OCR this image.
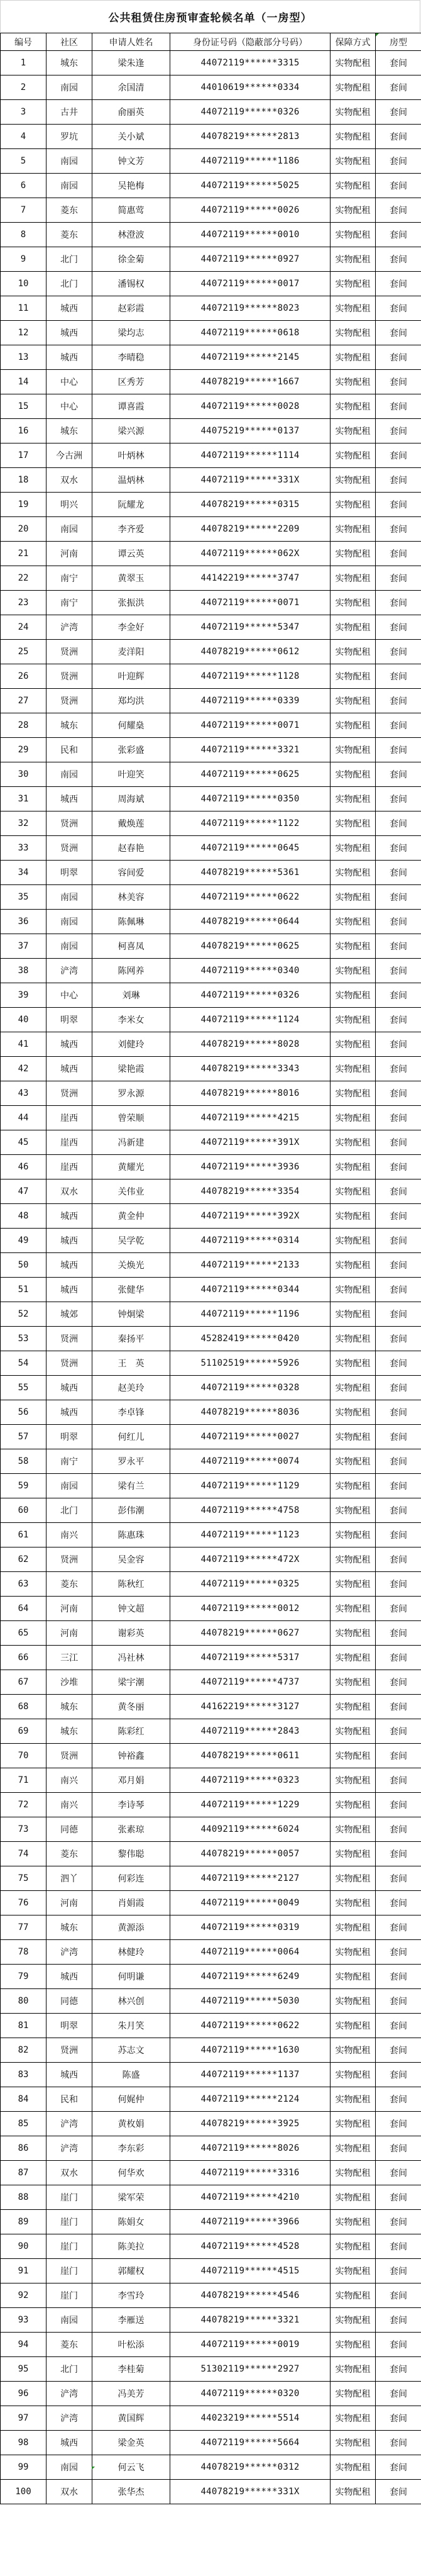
公共租赁住房预审查轮候名单（一房型）
编号	社区	申请人姓名	身份证号码（隐蔽部分号码）	保障方式	房型
1	城东	梁朱逢	44072119******3315	实物配租	套间
2	南园	余国清	44010619******0334	实物配租	套间
3	古井	俞丽英	44072119******0326	实物配租	套间
4	罗坑	关小斌	44078219******2813	实物配租	套间
5	南园	钟文芳	44072119******1186	实物配租	套间
6	南园	吴艳梅	44072119******5025	实物配租	套间
7	菱东	简惠莺	44072119******0026	实物配租	套间
8	菱东	林澄波	44072119******0010	实物配租	套间
9	北门	徐金菊	44072119******0927	实物配租	套间
10	北门	潘锡权	44072119******0017	实物配租	套间
11	城西	赵彩霞	44072119******8023	实物配租	套间
12	城西	梁均志	44072119******0618	实物配租	套间
13	城西	李晴稳	44072119******2145	实物配租	套间
14	中心	区秀芳	44078219******1667	实物配租	套间
15	中心	谭喜霞	44072119******0028	实物配租	套间
16	城东	梁兴源	44075219******0137	实物配租	套间
17	今古洲	叶炳林	44072119******1114	实物配租	套间
18	双水	温炳林	44072119******331X	实物配租	套间
19	明兴	阮耀龙	44078219******0315	实物配租	套间
20	南园	李齐爱	44078219******2209	实物配租	套间
21	河南	谭云英	44072119******062X	实物配租	套间
22	南宁	黄翠玉	44142219******3747	实物配租	套间
23	南宁	张振洪	44072119******0071	实物配租	套间
24	浐湾	李金好	44072119******5347	实物配租	套间
25	贤洲	麦洋阳	44078219******0612	实物配租	套间
26	贤洲	叶迎辉	44072119******1128	实物配租	套间
27	贤洲	郑均洪	44072119******0339	实物配租	套间
28	城东	何耀燊	44072119******0071	实物配租	套间
29	民和	张彩盛	44072119******3321	实物配租	套间
30	南园	叶迎笑	44072119******0625	实物配租	套间
31	城西	周海斌	44072119******0350	实物配租	套间
32	贤洲	戴焕莲	44072119******1122	实物配租	套间
33	贤洲	赵春艳	44072119******0645	实物配租	套间
34	明翠	容间爱	44078219******5361	实物配租	套间
35	南园	林美容	44072119******0622	实物配租	套间
36	南园	陈佩琳	44078219******0644	实物配租	套间
37	南园	柯喜凤	44078219******0625	实物配租	套间
38	浐湾	陈网养	44072119******0340	实物配租	套间
39	中心	刘琳	44072119******0326	实物配租	套间
40	明翠	李米女	44072119******1124	实物配租	套间
41	城西	刘健玲	44078219******8028	实物配租	套间
42	城西	梁艳霞	44078219******3343	实物配租	套间
43	贤洲	罗永源	44078219******8016	实物配租	套间
44	崖西	曾荣顺	44072119******4215	实物配租	套间
45	崖西	冯新建	44072119******391X	实物配租	套间
46	崖西	黄耀光	44072119******3936	实物配租	套间
47	双水	关伟业	44078219******3354	实物配租	套间
48	城西	黄金仲	44072119******392X	实物配租	套间
49	城西	吴学乾	44072119******0314	实物配租	套间
50	城西	关焕光	44072119******2133	实物配租	套间
51	城西	张健华	44072119******0344	实物配租	套间
52	城郊	钟炯梁	44072119******1196	实物配租	套间
53	贤洲	秦扬平	45282419******0420	实物配租	套间
54	贤洲	王　英	51102519******5926	实物配租	套间
55	城西	赵美玲	44072119******0328	实物配租	套间
56	城西	李卓锋	44078219******8036	实物配租	套间
57	明翠	何红儿	44072119******0027	实物配租	套间
58	南宁	罗永平	44072119******0074	实物配租	套间
59	南园	梁有兰	44072119******1129	实物配租	套间
60	北门	彭伟潮	44072119******4758	实物配租	套间
61	南兴	陈惠珠	44072119******1123	实物配租	套间
62	贤洲	吴金容	44072119******472X	实物配租	套间
63	菱东	陈秋红	44072119******0325	实物配租	套间
64	河南	钟文超	44072119******0012	实物配租	套间
65	河南	谢彩英	44078219******0627	实物配租	套间
66	三江	冯社林	44072119******5317	实物配租	套间
67	沙堆	梁宇潮	44072119******4737	实物配租	套间
68	城东	黄冬丽	44162219******3127	实物配租	套间
69	城东	陈彩红	44072119******2843	实物配租	套间
70	贤洲	钟裕鑫	44078219******0611	实物配租	套间
71	南兴	邓月娟	44072119******0323	实物配租	套间
72	南兴	李诗琴	44072119******1229	实物配租	套间
73	同德	张素琼	44092119******6024	实物配租	套间
74	菱东	黎伟聪	44078219******0057	实物配租	套间
75	泗丫	何彩连	44072119******2127	实物配租	套间
76	河南	肖娟霞	44072119******0049	实物配租	套间
77	城东	黄源添	44072119******0319	实物配租	套间
78	浐湾	林健玲	44072119******0064	实物配租	套间
79	城西	何明谦	44072119******6249	实物配租	套间
80	同德	林兴创	44072119******5030	实物配租	套间
81	明翠	朱月笑	44072119******0622	实物配租	套间
82	贤洲	苏志文	44072119******1630	实物配租	套间
83	城西	陈盛	44072119******1137	实物配租	套间
84	民和	何娓仲	44072119******2124	实物配租	套间
85	浐湾	黄枚娟	44078219******3925	实物配租	套间
86	浐湾	李东彩	44072119******8026	实物配租	套间
87	双水	何华欢	44072119******3316	实物配租	套间
88	崖门	梁军荣	44072119******4210	实物配租	套间
89	崖门	陈娟女	44072119******3966	实物配租	套间
90	崖门	陈美拉	44072119******4528	实物配租	套间
91	崖门	郭耀权	44072119******4515	实物配租	套间
92	崖门	李雪玲	44078219******4546	实物配租	套间
93	南园	李雁送	44078219******3321	实物配租	套间
94	菱东	叶松添	44072119******0019	实物配租	套间
95	北门	李桂菊	51302119******2927	实物配租	套间
96	浐湾	冯美芳	44072119******0320	实物配租	套间
97	浐湾	黄国辉	44023219******5514	实物配租	套间
98	城西	梁金英	44072119******5664	实物配租	套间
99	南园	何云飞	44078219******0312	实物配租	套间
100	双水	张华杰	44078219******331X	实物配租	套间
